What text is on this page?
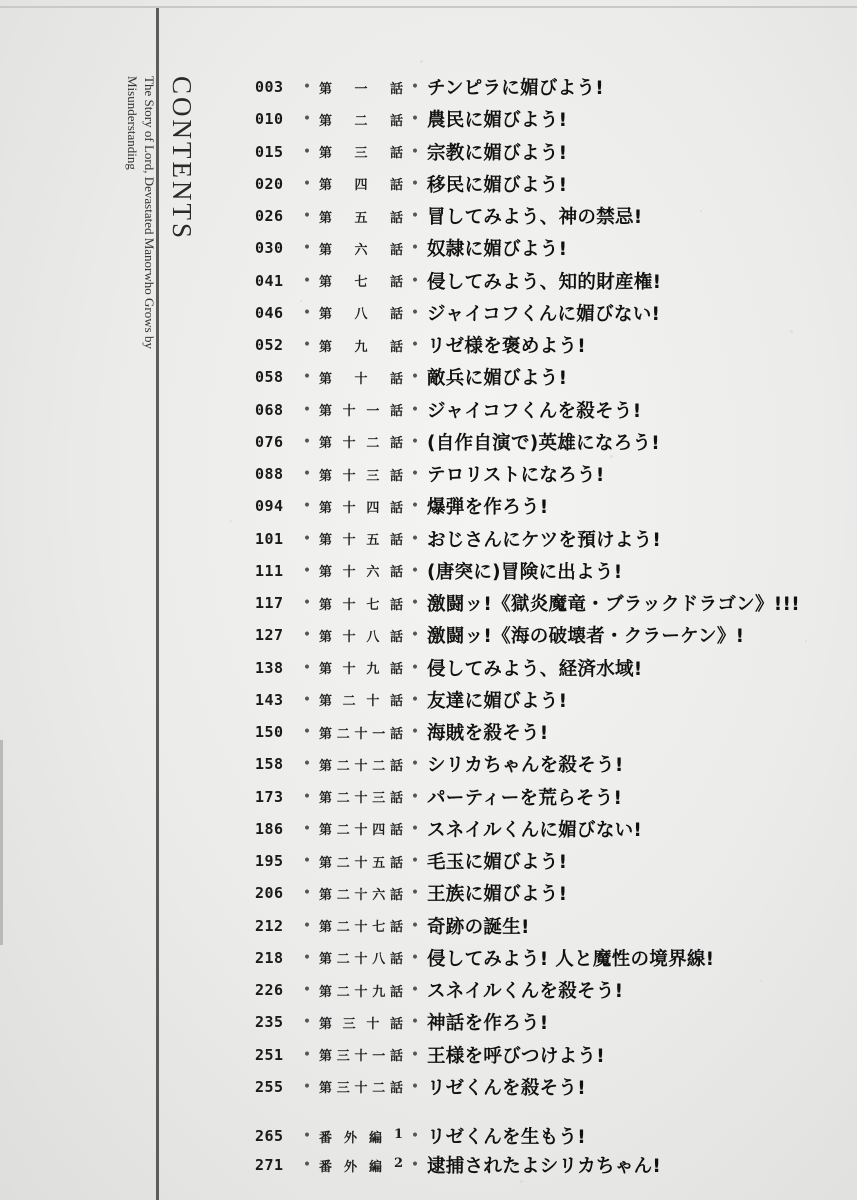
CONTENTS
The Story of Lord, Devastated Manorwho Grows by Misunderstanding	003	• 第 一 話 • チンピラに媚びよう!
010	• 第 二 話 • 農民に媚びよう!
015	• 第 三 話 • 宗教に媚びよう!
020	• 第 四 話 • 移民に媚びよう!
026	• 第 五 話 • 冒してみよう、神の禁忌!
030	• 第 六 話 • 奴隷に媚びよう!
041	• 第 七 話 • 侵してみよう、知的財産権!
046	• 第 八 話 • ジャイコフくんに媚びない!
052	• 第 九 話 • リゼ様を褒めよう!
058	• 第 十 話 • 敵兵に媚びよう!
068	• 第 十 一 話 • ジャイコフくんを殺そう!
076	• 第 十 二 話 • (自作自演で)英雄になろう!
088	• 第 十 三 話 • テロリストになろう!
094	• 第 十 四 話 • 爆弾を作ろう!
101	• 第 十 五 話 • おじさんにケツを預けよう!
111	• 第 十 六 話 • (唐突に)冒険に出よう!
117	• 第 十 七 話 • 激闘ッ!《獄炎魔竜・ブラックドラゴン》!!!
127	• 第 十 八 話 • 激闘ッ!《海の破壊者・クラーケン》!
138	• 第 十 九 話 • 侵してみよう、経済水域!
143	• 第 二 十 話 • 友達に媚びよう!
150	• 第 二 十 一 話 • 海賊を殺そう!
158	• 第 二 十 二 話 • シリカちゃんを殺そう!
173	• 第 二 十 三 話 • パーティーを荒らそう!
186	• 第 二 十 四 話 • スネイルくんに媚びない!
195	• 第 二 十 五 話 • 毛玉に媚びよう!
206	• 第 二 十 六 話 • 王族に媚びよう!
212	• 第 二 十 七 話 • 奇跡の誕生!
218	• 第 二 十 八 話 • 侵してみよう! 人と魔性の境界線!
226	• 第 二 十 九 話 • スネイルくんを殺そう!
235	• 第 三 十 話 • 神話を作ろう!
251	• 第 三 十 一 話 • 王様を呼びつけよう!
255	• 第 三 十 二 話 • リゼくんを殺そう!
265	• 番 外 編 1 • リゼくんを生もう!
271	• 番 外 編 2 • 逮捕されたよシリカちゃん!
